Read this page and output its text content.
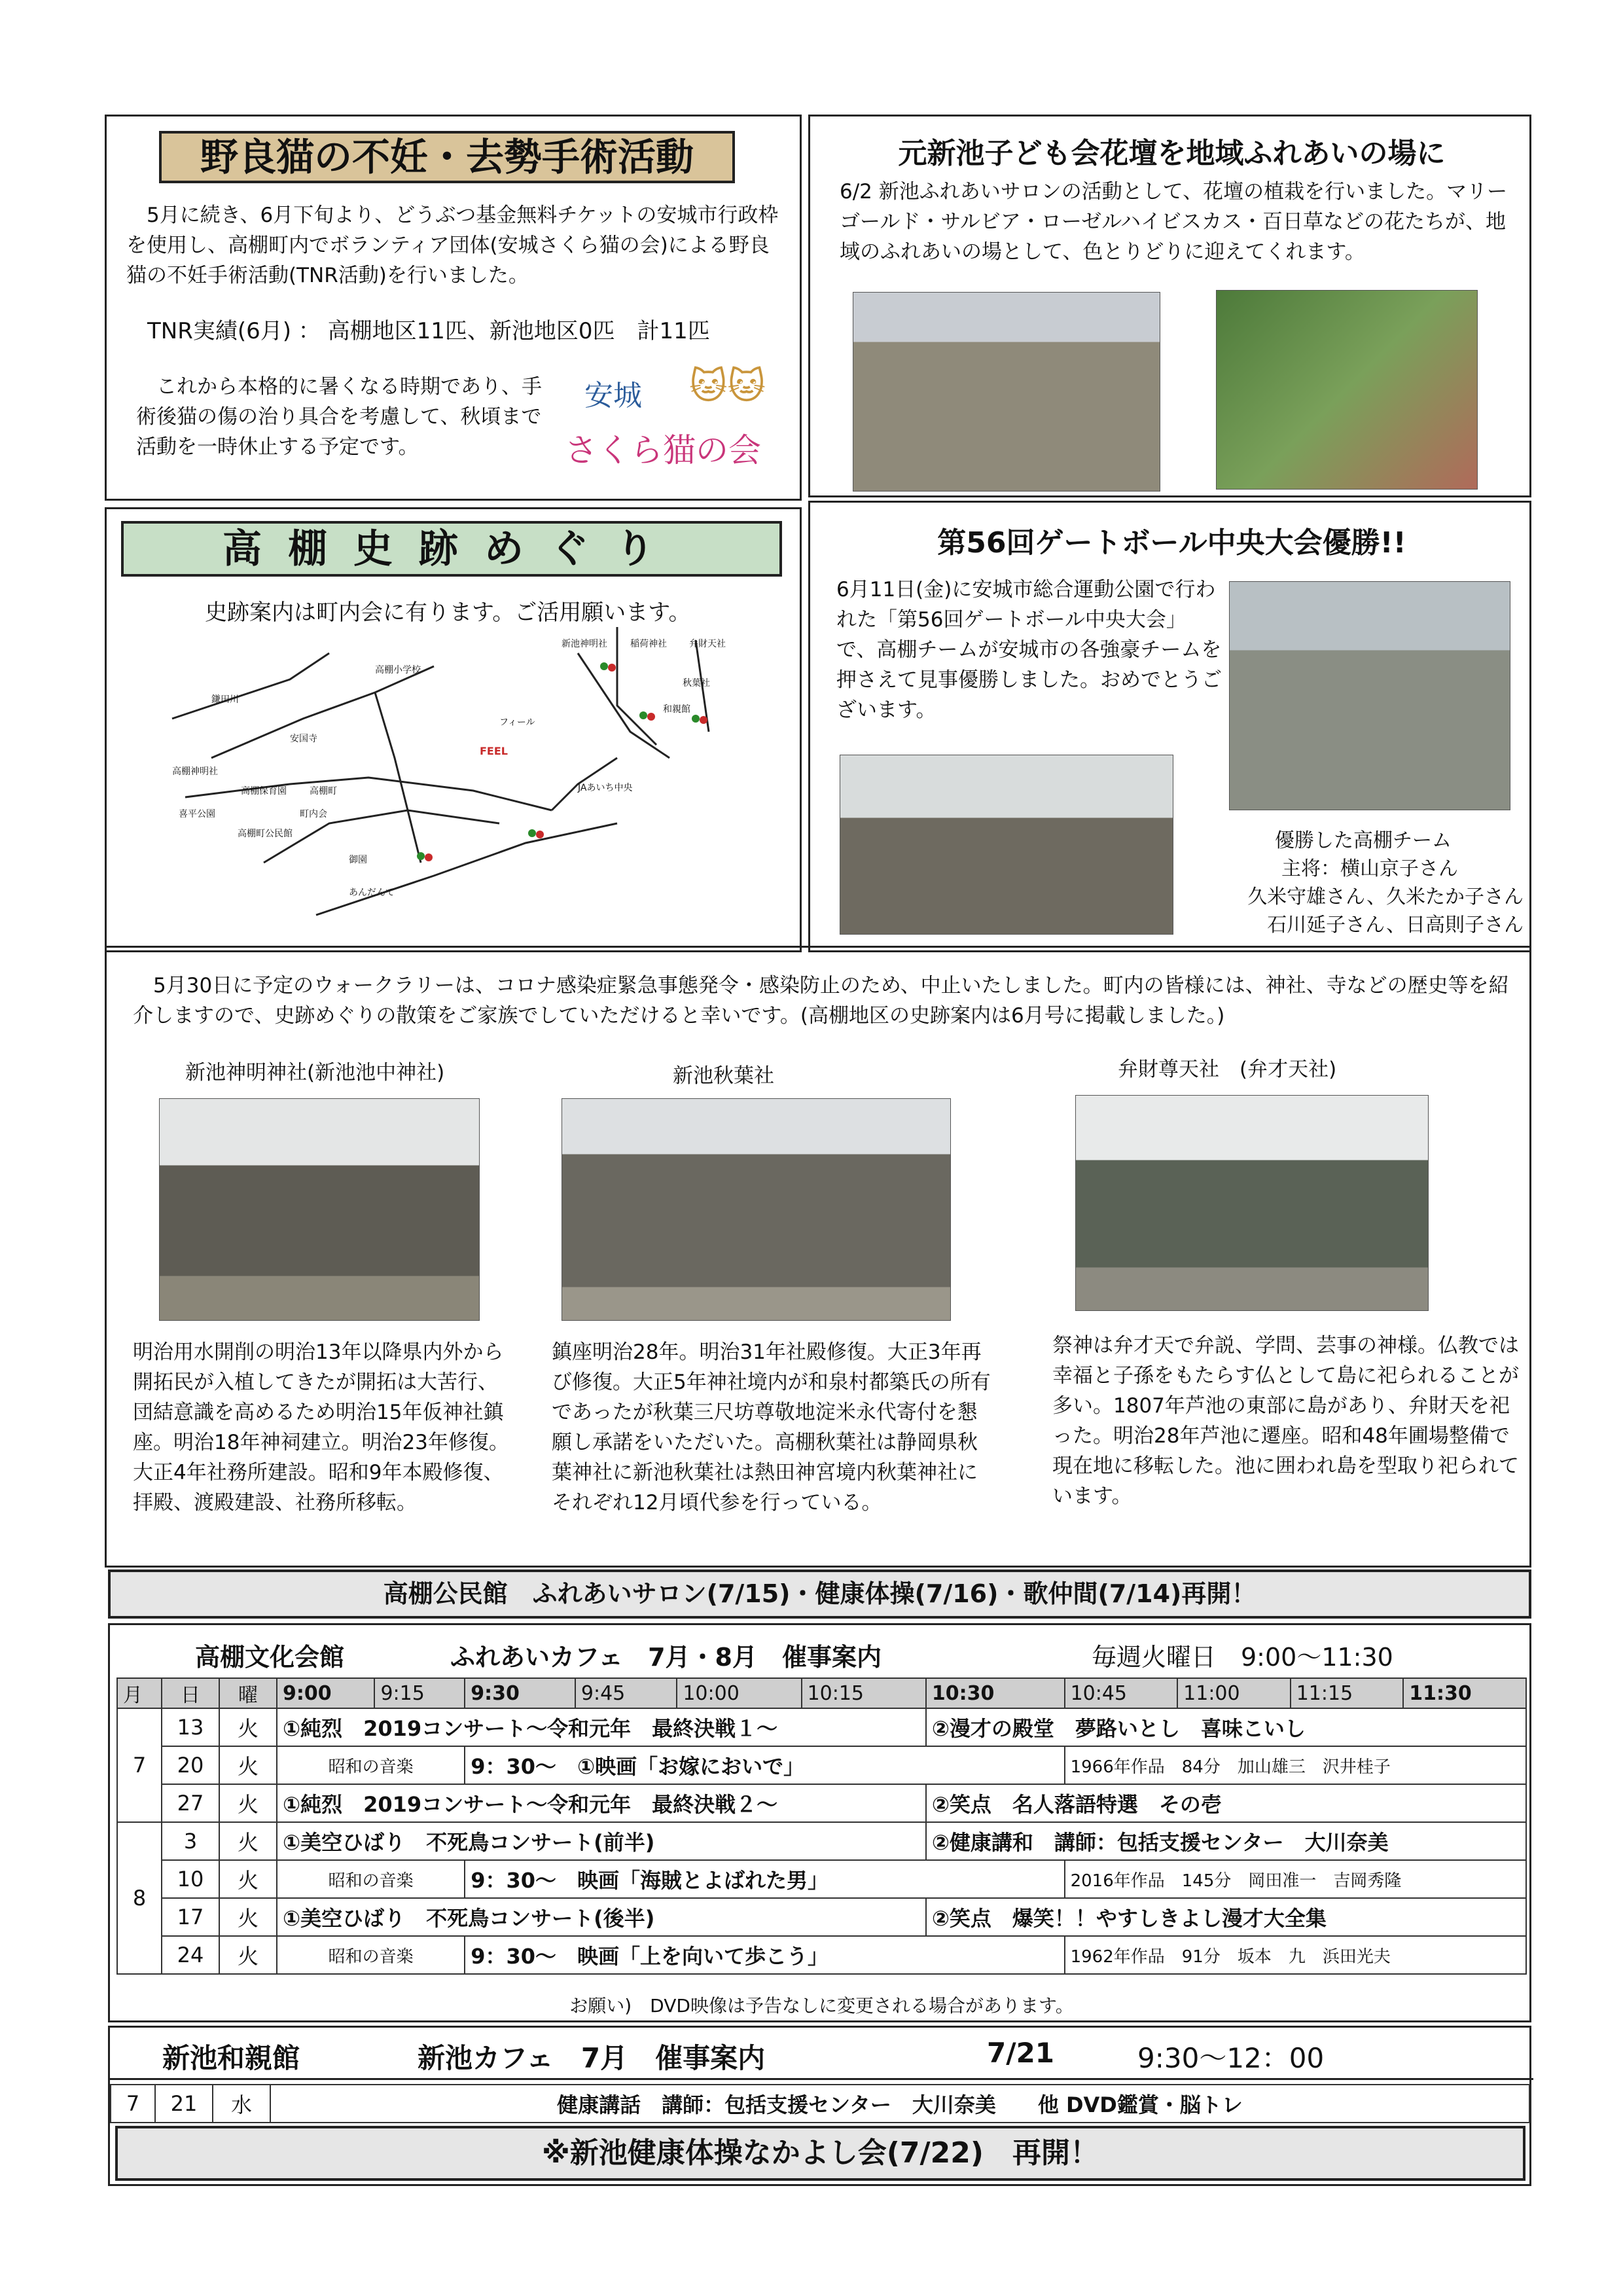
野良猫の不妊・去勢手術活動
5月に続き、6月下旬より、どうぶつ基金無料チケットの安城市行政枠を使用し、高棚町内でボランティア団体(安城さくら猫の会)による野良猫の不妊手術活動(TNR活動)を行いました。
TNR実績(6月) ： 高棚地区11匹、新池地区0匹　計11匹
これから本格的に暑くなる時期であり、手術後猫の傷の治り具合を考慮して、秋頃まで活動を一時休止する予定です。
安城 🐱🐱
さくら猫の会
元新池子ども会花壇を地域ふれあいの場に
6/2 新池ふれあいサロンの活動として、花壇の植栽を行いました。マリーゴールド・サルビア・ローゼルハイビスカス・百日草などの花たちが、地域のふれあいの場として、色とりどりに迎えてくれます。
高棚史跡めぐり
史跡案内は町内会に有ります。ご活用願います。
鎌田川
高棚小学校
高棚神明社
安国寺
高棚保育園
高棚町公民館
町内会
高棚町
喜平公園
御園
あんだんて
フィール
JAあいち中央
新池神明社	稲荷神社 弁財天社
秋葉社
和親館
FEEL
第56回ゲートボール中央大会優勝!!
6月11日(金)に安城市総合運動公園で行われた「第56回ゲートボール中央大会」で、高棚チームが安城市の各強豪チームを押さえて見事優勝しました。おめでとうございます。
優勝した高棚チーム
主将：横山京子さん
久米守雄さん、久米たか子さん
石川延子さん、日高則子さん
5月30日に予定のウォークラリーは、コロナ感染症緊急事態発令・感染防止のため、中止いたしました。町内の皆様には、神社、寺などの歴史等を紹介しますので、史跡めぐりの散策をご家族でしていただけると幸いです。(高棚地区の史跡案内は6月号に掲載しました。)
新池神明神社(新池池中神社)
明治用水開削の明治13年以降県内外から開拓民が入植してきたが開拓は大苦行、団結意識を高めるため明治15年仮神社鎮座。明治18年神祠建立。明治23年修復。大正4年社務所建設。昭和9年本殿修復、拝殿、渡殿建設、社務所移転。
新池秋葉社
鎮座明治28年。明治31年社殿修復。大正3年再び修復。大正5年神社境内が和泉村都築氏の所有であったが秋葉三尺坊尊敬地淀米永代寄付を懇願し承諾をいただいた。高棚秋葉社は静岡県秋葉神社に新池秋葉社は熱田神宮境内秋葉神社にそれぞれ12月頃代参を行っている。
弁財尊天社　(弁才天社)
祭神は弁才天で弁説、学問、芸事の神様。仏教では幸福と子孫をもたらす仏として島に祀られることが多い。1807年芦池の東部に島があり、弁財天を祀った。明治28年芦池に遷座。昭和48年圃場整備で現在地に移転した。池に囲われ島を型取り祀られています。
高棚公民館　ふれあいサロン(7/15)・健康体操(7/16)・歌仲間(7/14)再開！
高棚文化会館	ふれあいカフェ　7月・8月　催事案内	毎週火曜日　9:00～11:30
月	日	曜	9:00	9:15	9:30	9:45	10:00	10:15	10:30	10:45	11:00	11:15	11:30
7	13	火	①純烈　2019コンサート～令和元年　最終決戦１～						②漫才の殿堂　夢路いとし　喜味こいし				
	20	火	昭和の音楽		9：30～　①映画「お嫁においで」					1966年作品　84分　加山雄三　沢井桂子			
	27	火	①純烈　2019コンサート～令和元年　最終決戦２～						②笑点　名人落語特選　その壱				
8	3	火	①美空ひばり　不死鳥コンサート(前半)						②健康講和　講師：包括支援センター　大川奈美				
	10	火	昭和の音楽		9：30～　映画「海賊とよばれた男」					2016年作品　145分　岡田准一　吉岡秀隆			
	17	火	①美空ひばり　不死鳥コンサート(後半)						②笑点　爆笑！！やすしきよし漫才大全集				
	24	火	昭和の音楽		9：30～　映画「上を向いて歩こう」					1962年作品　91分　坂本　九　浜田光夫			
お願い)　DVD映像は予告なしに変更される場合があります。
新池和親館	新池カフェ　7月　催事案内	7/21	9:30～12：00
7	21	水	健康講話　講師：包括支援センター　大川奈美　　他 DVD鑑賞・脳トレ
※新池健康体操なかよし会(7/22)　再開！
